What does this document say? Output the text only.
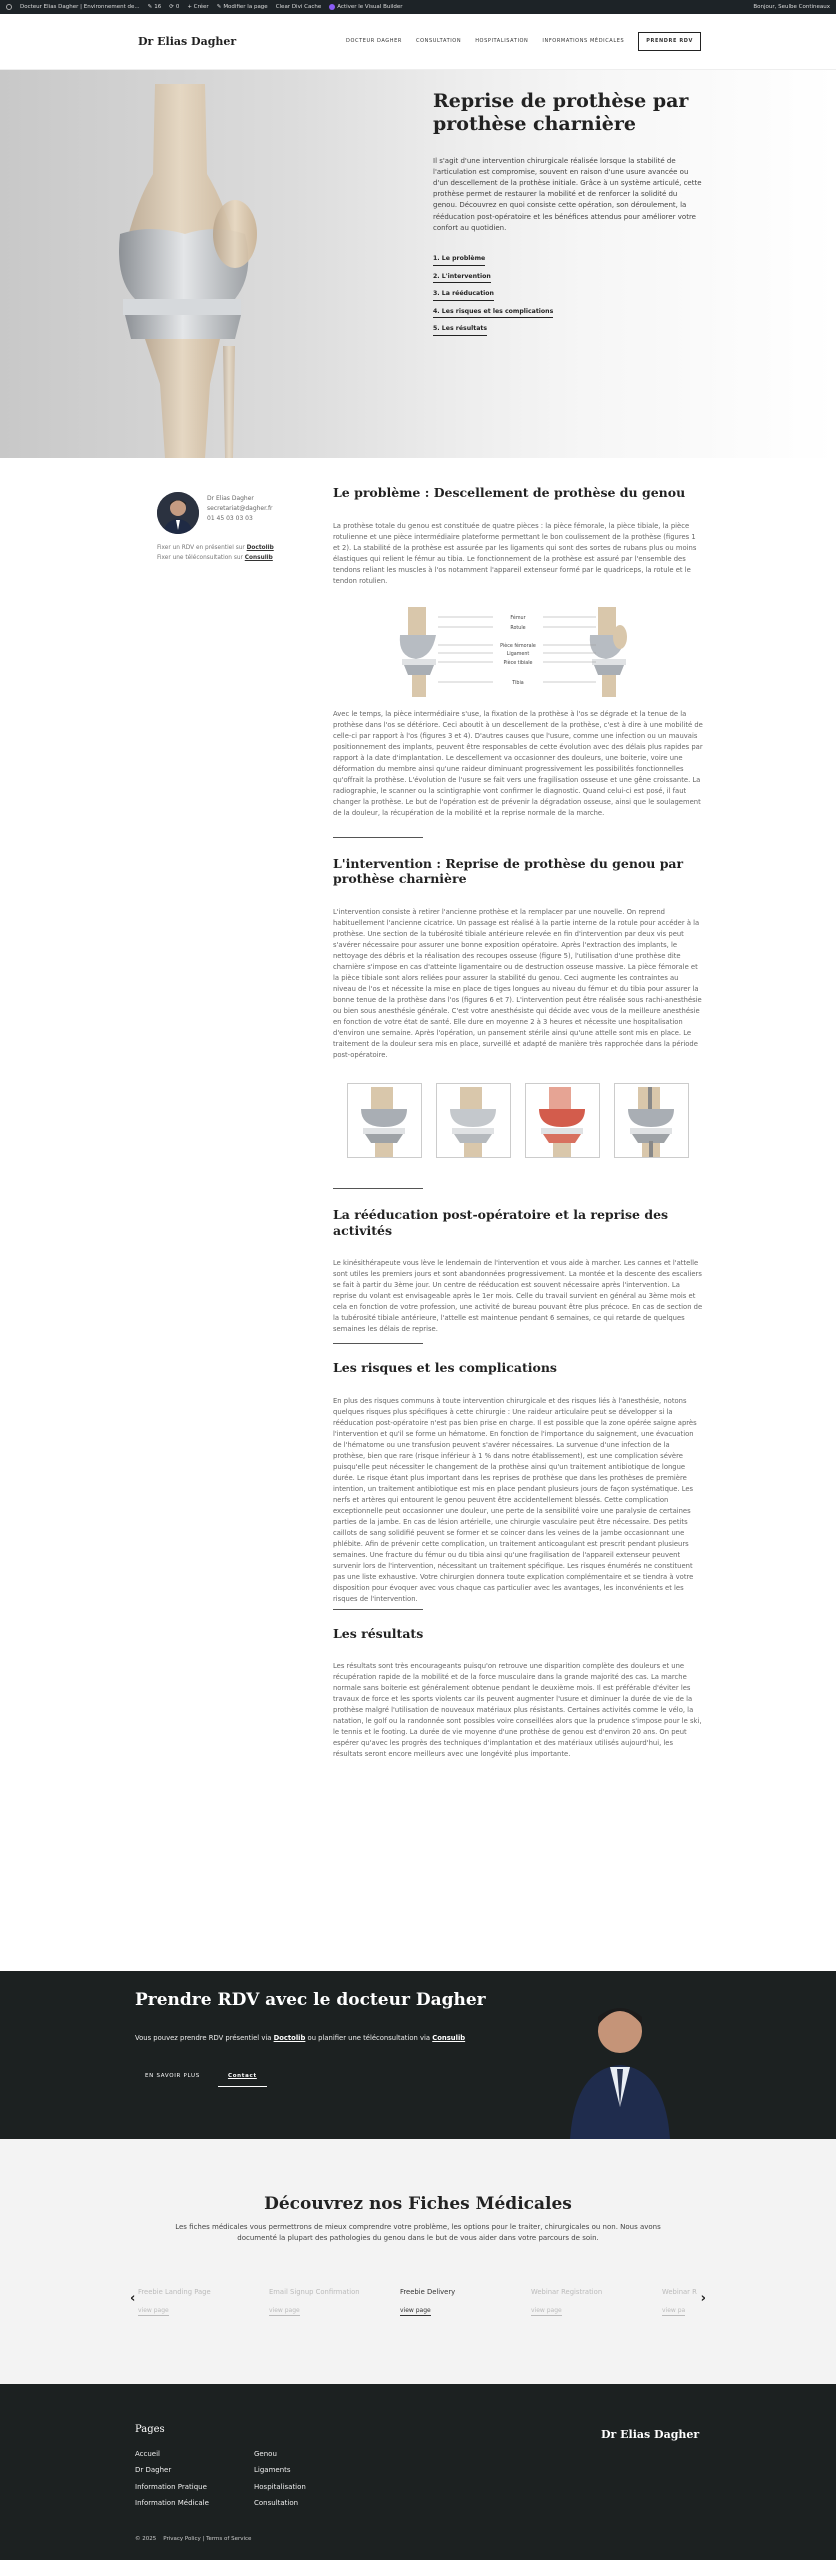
Docteur Elias Dagher | Environnement de... ✎ 16 ⟳ 0 + Créer ✎ Modifier la page Clear Divi Cache	Activer le Visual Builder	Bonjour, Seulbe Contineaux
Dr Elias Dagher	DOCTEUR DAGHER	CONSULTATION	HOSPITALISATION	INFORMATIONS MÉDICALES	PRENDRE RDV
Reprise de prothèse par prothèse charnière

Il s'agit d'une intervention chirurgicale réalisée lorsque la stabilité de l'articulation est compromise, souvent en raison d'une usure avancée ou d'un descellement de la prothèse initiale. Grâce à un système articulé, cette prothèse permet de restaurer la mobilité et de renforcer la solidité du genou. Découvrez en quoi consiste cette opération, son déroulement, la rééducation post-opératoire et les bénéfices attendus pour améliorer votre confort au quotidien.

1. Le problème
2. L'intervention
3. La rééducation
4. Les risques et les complications
5. Les résultats
Dr Elias Dagher
secretariat@dagher.fr
01 45 03 03 03
Fixer un RDV en présentiel sur Doctolib
Fixer une téléconsultation sur Consulib
Le problème : Descellement de prothèse du genou

La prothèse totale du genou est constituée de quatre pièces : la pièce fémorale, la pièce tibiale, la pièce rotulienne et une pièce intermédiaire plateforme permettant le bon coulissement de la prothèse (figures 1 et 2). La stabilité de la prothèse est assurée par les ligaments qui sont des sortes de rubans plus ou moins élastiques qui relient le fémur au tibia. Le fonctionnement de la prothèse est assuré par l'ensemble des tendons reliant les muscles à l'os notamment l'appareil extenseur formé par le quadriceps, la rotule et le tendon rotulien.

Fémur
Rotule
Pièce fémorale
Ligament
Pièce tibiale
Tibia

Avec le temps, la pièce intermédiaire s'use, la fixation de la prothèse à l'os se dégrade et la tenue de la prothèse dans l'os se détériore. Ceci aboutit à un descellement de la prothèse, c'est à dire à une mobilité de celle-ci par rapport à l'os (figures 3 et 4). D'autres causes que l'usure, comme une infection ou un mauvais positionnement des implants, peuvent être responsables de cette évolution avec des délais plus rapides par rapport à la date d'implantation. Le descellement va occasionner des douleurs, une boiterie, voire une déformation du membre ainsi qu'une raideur diminuant progressivement les possibilités fonctionnelles qu'offrait la prothèse. L'évolution de l'usure se fait vers une fragilisation osseuse et une gêne croissante. La radiographie, le scanner ou la scintigraphie vont confirmer le diagnostic. Quand celui-ci est posé, il faut changer la prothèse. Le but de l'opération est de prévenir la dégradation osseuse, ainsi que le soulagement de la douleur, la récupération de la mobilité et la reprise normale de la marche.

L'intervention : Reprise de prothèse du genou par prothèse charnière

L'intervention consiste à retirer l'ancienne prothèse et la remplacer par une nouvelle. On reprend habituellement l'ancienne cicatrice. Un passage est réalisé à la partie interne de la rotule pour accéder à la prothèse. Une section de la tubérosité tibiale antérieure relevée en fin d'intervention par deux vis peut s'avérer nécessaire pour assurer une bonne exposition opératoire. Après l'extraction des implants, le nettoyage des débris et la réalisation des recoupes osseuse (figure 5), l'utilisation d'une prothèse dite charnière s'impose en cas d'atteinte ligamentaire ou de destruction osseuse massive. La pièce fémorale et la pièce tibiale sont alors reliées pour assurer la stabilité du genou. Ceci augmente les contraintes au niveau de l'os et nécessite la mise en place de tiges longues au niveau du fémur et du tibia pour assurer la bonne tenue de la prothèse dans l'os (figures 6 et 7). L'intervention peut être réalisée sous rachi-anesthésie ou bien sous anesthésie générale. C'est votre anesthésiste qui décide avec vous de la meilleure anesthésie en fonction de votre état de santé. Elle dure en moyenne 2 à 3 heures et nécessite une hospitalisation d'environ une semaine. Après l'opération, un pansement stérile ainsi qu'une attelle sont mis en place. Le traitement de la douleur sera mis en place, surveillé et adapté de manière très rapprochée dans la période post-opératoire.

La rééducation post-opératoire et la reprise des activités

Le kinésithérapeute vous lève le lendemain de l'intervention et vous aide à marcher. Les cannes et l'attelle sont utiles les premiers jours et sont abandonnées progressivement. La montée et la descente des escaliers se fait à partir du 3ème jour. Un centre de rééducation est souvent nécessaire après l'intervention. La reprise du volant est envisageable après le 1er mois. Celle du travail survient en général au 3ème mois et cela en fonction de votre profession, une activité de bureau pouvant être plus précoce. En cas de section de la tubérosité tibiale antérieure, l'attelle est maintenue pendant 6 semaines, ce qui retarde de quelques semaines les délais de reprise.

Les risques et les complications

En plus des risques communs à toute intervention chirurgicale et des risques liés à l'anesthésie, notons quelques risques plus spécifiques à cette chirurgie : Une raideur articulaire peut se développer si la rééducation post-opératoire n'est pas bien prise en charge. Il est possible que la zone opérée saigne après l'intervention et qu'il se forme un hématome. En fonction de l'importance du saignement, une évacuation de l'hématome ou une transfusion peuvent s'avérer nécessaires. La survenue d'une infection de la prothèse, bien que rare (risque inférieur à 1 % dans notre établissement), est une complication sévère puisqu'elle peut nécessiter le changement de la prothèse ainsi qu'un traitement antibiotique de longue durée. Le risque étant plus important dans les reprises de prothèse que dans les prothèses de première intention, un traitement antibiotique est mis en place pendant plusieurs jours de façon systématique. Les nerfs et artères qui entourent le genou peuvent être accidentellement blessés. Cette complication exceptionnelle peut occasionner une douleur, une perte de la sensibilité voire une paralysie de certaines parties de la jambe. En cas de lésion artérielle, une chirurgie vasculaire peut être nécessaire. Des petits caillots de sang solidifié peuvent se former et se coincer dans les veines de la jambe occasionnant une phlébite. Afin de prévenir cette complication, un traitement anticoagulant est prescrit pendant plusieurs semaines. Une fracture du fémur ou du tibia ainsi qu'une fragilisation de l'appareil extenseur peuvent survenir lors de l'intervention, nécessitant un traitement spécifique. Les risques énumérés ne constituent pas une liste exhaustive. Votre chirurgien donnera toute explication complémentaire et se tiendra à votre disposition pour évoquer avec vous chaque cas particulier avec les avantages, les inconvénients et les risques de l'intervention.

Les résultats

Les résultats sont très encourageants puisqu'on retrouve une disparition complète des douleurs et une récupération rapide de la mobilité et de la force musculaire dans la grande majorité des cas. La marche normale sans boiterie est généralement obtenue pendant le deuxième mois. Il est préférable d'éviter les travaux de force et les sports violents car ils peuvent augmenter l'usure et diminuer la durée de vie de la prothèse malgré l'utilisation de nouveaux matériaux plus résistants. Certaines activités comme le vélo, la natation, le golf ou la randonnée sont possibles voire conseillées alors que la prudence s'impose pour le ski, le tennis et le footing. La durée de vie moyenne d'une prothèse de genou est d'environ 20 ans. On peut espérer qu'avec les progrès des techniques d'implantation et des matériaux utilisés aujourd'hui, les résultats seront encore meilleurs avec une longévité plus importante.

Prendre RDV avec le docteur Dagher

Vous pouvez prendre RDV présentiel via Doctolib ou planifier une téléconsultation via Consulib

EN SAVOIR PLUS	Contact
Découvrez nos Fiches Médicales

Les fiches médicales vous permettrons de mieux comprendre votre problème, les options pour le traiter, chirurgicales ou non. Nous avons documenté la plupart des pathologies du genou dans le but de vous aider dans votre parcours de soin.

‹ Freebie Landing Page
view page
Email Signup Confirmation
view page
Freebie Delivery
view page
Webinar Registration
view page
Webinar R
view pa
›
Pages
Accueil
Dr Dagher
Information Pratique
Information Médicale
Genou
Ligaments
Hospitalisation
Consultation
Dr Elias Dagher
© 2025 Privacy Policy | Terms of Service
